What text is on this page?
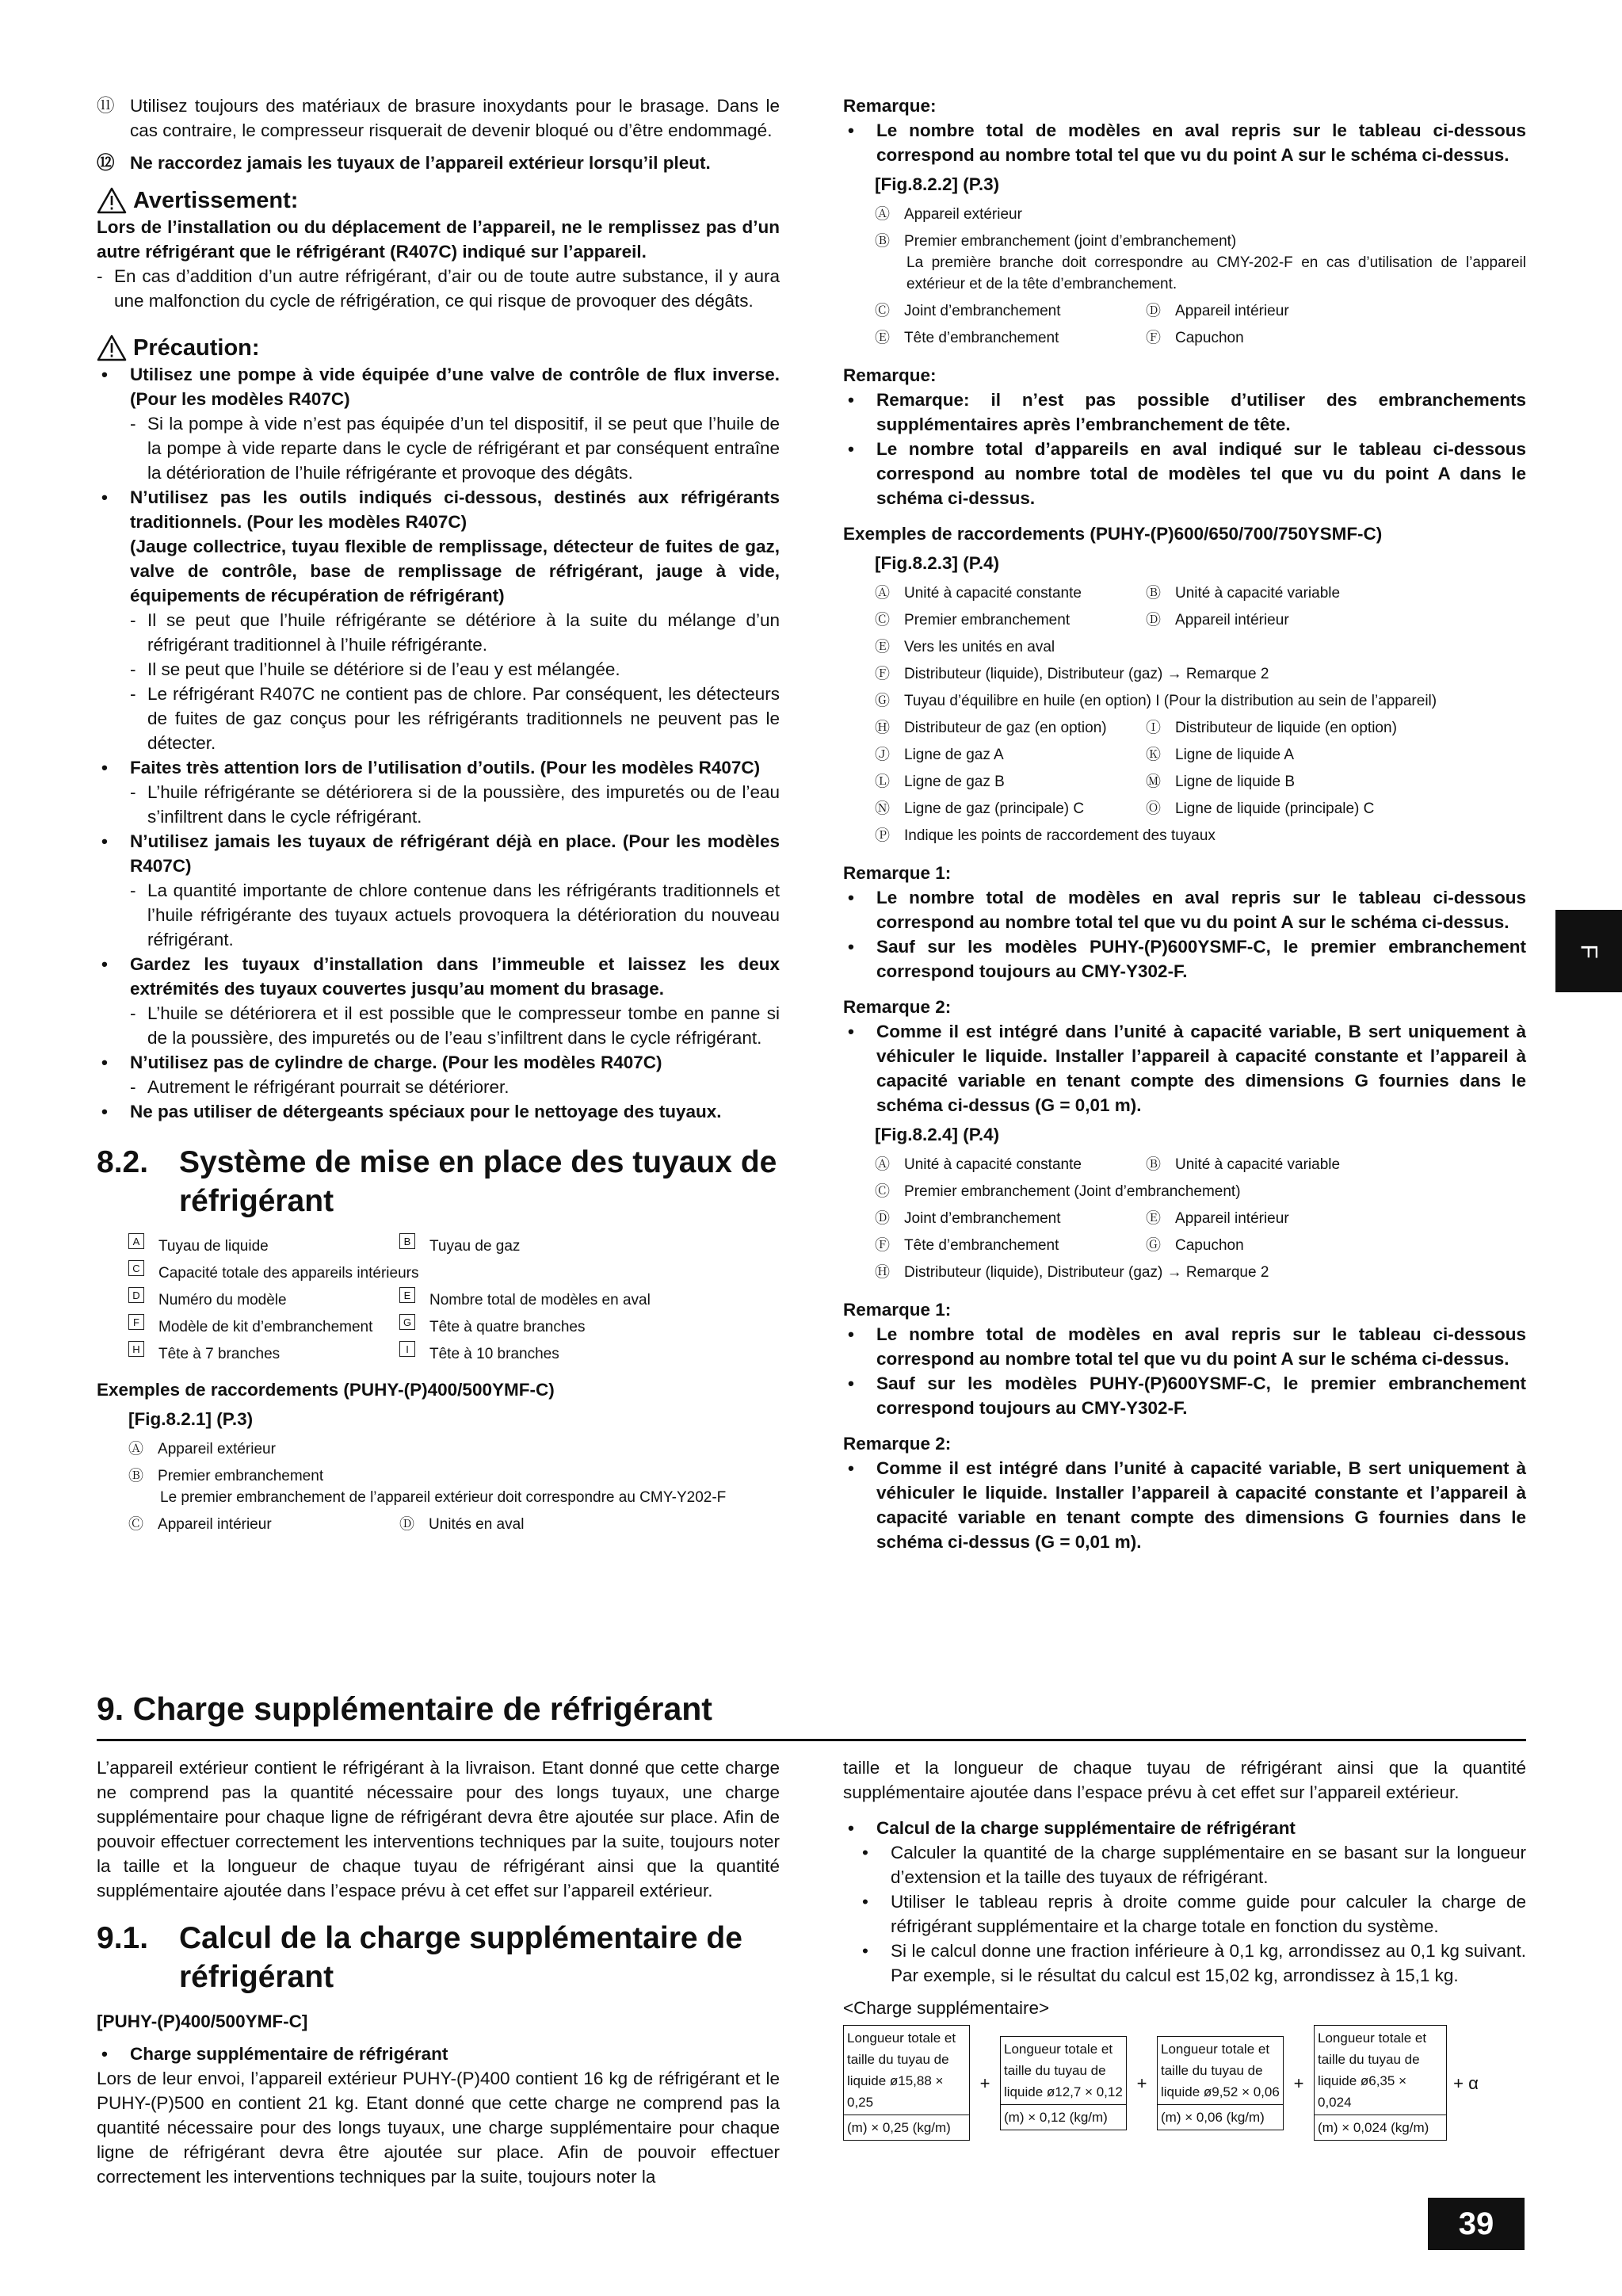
⑪ Utilisez toujours des matériaux de brasure inoxydants pour le brasage. Dans le cas contraire, le compresseur risquerait de devenir bloqué ou d’être endommagé.
⑫ Ne raccordez jamais les tuyaux de l’appareil extérieur lorsqu’il pleut.
Avertissement:

Lors de l’installation ou du déplacement de l’appareil, ne le remplissez pas d’un autre réfrigérant que le réfrigérant (R407C) indiqué sur l’appareil.

- En cas d’addition d’un autre réfrigérant, d’air ou de toute autre substance, il y aura une malfonction du cycle de réfrigération, ce qui risque de provoquer des dégâts.
Précaution:
• Utilisez une pompe à vide équipée d’une valve de contrôle de flux inverse. (Pour les modèles R407C)
- Si la pompe à vide n’est pas équipée d’un tel dispositif, il se peut que l’huile de la pompe à vide reparte dans le cycle de réfrigérant et par conséquent entraîne la détérioration de l’huile réfrigérante et provoque des dégâts.
• N’utilisez pas les outils indiqués ci-dessous, destinés aux réfrigérants traditionnels. (Pour les modèles R407C)
(Jauge collectrice, tuyau flexible de remplissage, détecteur de fuites de gaz, valve de contrôle, base de remplissage de réfrigérant, jauge à vide, équipements de récupération de réfrigérant)
- Il se peut que l’huile réfrigérante se détériore à la suite du mélange d’un réfrigérant traditionnel à l’huile réfrigérante.
- Il se peut que l’huile se détériore si de l’eau y est mélangée.
- Le réfrigérant R407C ne contient pas de chlore. Par conséquent, les détecteurs de fuites de gaz conçus pour les réfrigérants traditionnels ne peuvent pas le détecter.
• Faites très attention lors de l’utilisation d’outils. (Pour les modèles R407C)
- L’huile réfrigérante se détériorera si de la poussière, des impuretés ou de l’eau s’infiltrent dans le cycle réfrigérant.
• N’utilisez jamais les tuyaux de réfrigérant déjà en place. (Pour les modèles R407C)
- La quantité importante de chlore contenue dans les réfrigérants traditionnels et l’huile réfrigérante des tuyaux actuels provoquera la détérioration du nouveau réfrigérant.
• Gardez les tuyaux d’installation dans l’immeuble et laissez les deux extrémités des tuyaux couvertes jusqu’au moment du brasage.
- L’huile se détériorera et il est possible que le compresseur tombe en panne si de la poussière, des impuretés ou de l’eau s’infiltrent dans le cycle réfrigérant.
• N’utilisez pas de cylindre de charge. (Pour les modèles R407C)
- Autrement le réfrigérant pourrait se détériorer.
• Ne pas utiliser de détergeants spéciaux pour le nettoyage des tuyaux.
8.2. Système de mise en place des tuyaux de réfrigérant
A Tuyau de liquide	B Tuyau de gaz
C Capacité totale des appareils intérieurs
D Numéro du modèle	E Nombre total de modèles en aval
F	Modèle de kit d’embranchement	G Tête à quatre branches
H Tête à 7 branches	I	Tête à 10 branches

Exemples de raccordements (PUHY-(P)400/500YMF-C)

[Fig.8.2.1] (P.3)

Ⓐ Appareil extérieur
Ⓑ Premier embranchement
Le premier embranchement de l’appareil extérieur doit correspondre au CMY-Y202-F
Ⓒ Appareil intérieur	Ⓓ Unités en aval

Remarque:

• Le nombre total de modèles en aval repris sur le tableau ci-dessous correspond au nombre total tel que vu du point A sur le schéma ci-dessus.

[Fig.8.2.2] (P.3)

Ⓐ Appareil extérieur
Ⓑ Premier embranchement (joint d’embranchement)
La première branche doit correspondre au CMY-202-F en cas d’utilisation de l’appareil extérieur et de la tête d’embranchement.
Ⓒ Joint d’embranchement	Ⓓ Appareil intérieur
Ⓔ Tête d’embranchement	Ⓕ Capuchon

Remarque:

• Remarque: il n’est pas possible d’utiliser des embranchements supplémentaires après l’embranchement de tête.
• Le nombre total d’appareils en aval indiqué sur le tableau ci-dessous correspond au nombre total de modèles tel que vu du point A dans le schéma ci-dessus.

Exemples de raccordements (PUHY-(P)600/650/700/750YSMF-C)

[Fig.8.2.3] (P.4)

Ⓐ Unité à capacité constante	Ⓑ Unité à capacité variable
Ⓒ Premier embranchement	Ⓓ Appareil intérieur
Ⓔ Vers les unités en aval
Ⓕ Distributeur (liquide), Distributeur (gaz) → Remarque 2
Ⓖ Tuyau d’équilibre en huile (en option) I (Pour la distribution au sein de l’appareil)
Ⓗ Distributeur de gaz (en option)	Ⓘ Distributeur de liquide (en option)
Ⓙ Ligne de gaz A	Ⓚ Ligne de liquide A
Ⓛ Ligne de gaz B	Ⓜ Ligne de liquide B
Ⓝ Ligne de gaz (principale) C	Ⓞ Ligne de liquide (principale) C
Ⓟ Indique les points de raccordement des tuyaux

Remarque 1:

• Le nombre total de modèles en aval repris sur le tableau ci-dessous correspond au nombre total tel que vu du point A sur le schéma ci-dessus.
• Sauf sur les modèles PUHY-(P)600YSMF-C, le premier embranchement correspond toujours au CMY-Y302-F.

Remarque 2:

• Comme il est intégré dans l’unité à capacité variable, B sert uniquement à véhiculer le liquide. Installer l’appareil à capacité constante et l’appareil à capacité variable en tenant compte des dimensions G fournies dans le schéma ci-dessus (G = 0,01 m).

[Fig.8.2.4] (P.4)

Ⓐ Unité à capacité constante	Ⓑ Unité à capacité variable
Ⓒ Premier embranchement (Joint d’embranchement)
Ⓓ Joint d’embranchement	Ⓔ Appareil intérieur
Ⓕ Tête d’embranchement	Ⓖ Capuchon
Ⓗ Distributeur (liquide), Distributeur (gaz) → Remarque 2

Remarque 1:

• Le nombre total de modèles en aval repris sur le tableau ci-dessous correspond au nombre total tel que vu du point A sur le schéma ci-dessus.
• Sauf sur les modèles PUHY-(P)600YSMF-C, le premier embranchement correspond toujours au CMY-Y302-F.

Remarque 2:

• Comme il est intégré dans l’unité à capacité variable, B sert uniquement à véhiculer le liquide. Installer l’appareil à capacité constante et l’appareil à capacité variable en tenant compte des dimensions G fournies dans le schéma ci-dessus (G = 0,01 m).
F
9. Charge supplémentaire de réfrigérant

L’appareil extérieur contient le réfrigérant à la livraison. Etant donné que cette charge ne comprend pas la quantité nécessaire pour des longs tuyaux, une charge supplémentaire pour chaque ligne de réfrigérant devra être ajoutée sur place. Afin de pouvoir effectuer correctement les interventions techniques par la suite, toujours noter la taille et la longueur de chaque tuyau de réfrigérant ainsi que la quantité supplémentaire ajoutée dans l’espace prévu à cet effet sur l’appareil extérieur.

9.1. Calcul de la charge supplémentaire de réfrigérant

[PUHY-(P)400/500YMF-C]

• Charge supplémentaire de réfrigérant

Lors de leur envoi, l’appareil extérieur PUHY-(P)400 contient 16 kg de réfrigérant et le PUHY-(P)500 en contient 21 kg. Etant donné que cette charge ne comprend pas la quantité nécessaire pour des longs tuyaux, une charge supplémentaire pour chaque ligne de réfrigérant devra être ajoutée sur place. Afin de pouvoir effectuer correctement les interventions techniques par la suite, toujours noter la

taille et la longueur de chaque tuyau de réfrigérant ainsi que la quantité supplémentaire ajoutée dans l’espace prévu à cet effet sur l’appareil extérieur.

• Calcul de la charge supplémentaire de réfrigérant
• Calculer la quantité de la charge supplémentaire en se basant sur la longueur d’extension et la taille des tuyaux de réfrigérant.
• Utiliser le tableau repris à droite comme guide pour calculer la charge de réfrigérant supplémentaire et la charge totale en fonction du système.
• Si le calcul donne une fraction inférieure à 0,1 kg, arrondissez au 0,1 kg suivant. Par exemple, si le résultat du calcul est 15,02 kg, arrondissez à 15,1 kg.

<Charge supplémentaire>

Longueur totale et
taille du tuyau de
liquide ø15,88 × 0,25
(m) × 0,25 (kg/m)
+
Longueur totale et
taille du tuyau de
liquide ø12,7 × 0,12
(m) × 0,12 (kg/m)
+
Longueur totale et
taille du tuyau de
liquide ø9,52 × 0,06
(m) × 0,06 (kg/m)
+
Longueur totale et
taille du tuyau de
liquide ø6,35 × 0,024
(m) × 0,024 (kg/m)
+ α
39
